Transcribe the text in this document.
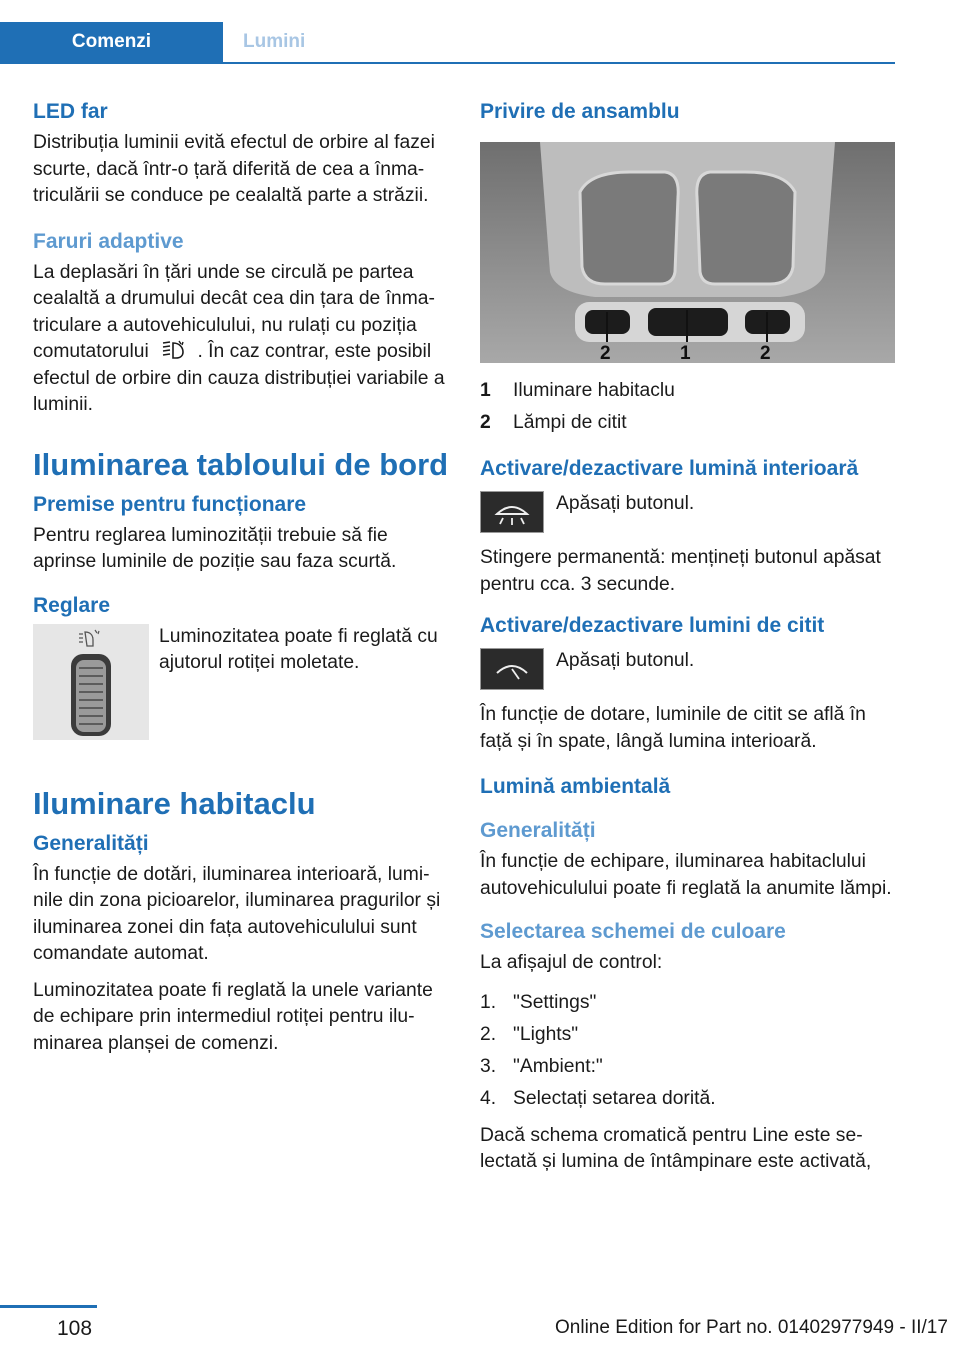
Comenzi	Lumini
LED far

Distribuția luminii evită efectul de orbire al fazei scurte, dacă într-o țară diferită de cea a înmatriculării se conduce pe cealaltă parte a străzii.

Faruri adaptive

La deplasări în țări unde se circulă pe partea cealaltă a drumului decât cea din țara de înmatriculare a autovehiculului, nu rulați cu poziția comutatorului	. În caz contrar, este posibil efectul de orbire din cauza distribuției variabile a luminii.

Iluminarea tabloului de bord
Premise pentru funcționare

Pentru reglarea luminozității trebuie să fie aprinse luminile de poziție sau faza scurtă.

Reglare

Luminozitatea poate fi reglată cu ajutorul rotiței moletate.

Iluminare habitaclu
Generalități

În funcție de dotări, iluminarea interioară, luminile din zona picioarelor, iluminarea pragurilor și iluminarea zonei din fața autovehiculului sunt comandate automat.

Luminozitatea poate fi reglată la unele variante de echipare prin intermediul rotiței pentru iluminarea planșei de comenzi.

Privire de ansamblu
2	1	2
1	Iluminare habitaclu
2	Lămpi de citit
Activare/dezactivare lumină interioară

Apăsați butonul.

Stingere permanentă: mențineți butonul apăsat pentru cca. 3 secunde.

Activare/dezactivare lumini de citit

Apăsați butonul.

În funcție de dotare, luminile de citit se află în față și în spate, lângă lumina interioară.

Lumină ambientală
Generalități

În funcție de echipare, iluminarea habitaclului autovehiculului poate fi reglată la anumite lămpi.

Selectarea schemei de culoare

La afișajul de control:

1. "Settings"
2. "Lights"
3. "Ambient:"
4. Selectați setarea dorită.

Dacă schema cromatică pentru Line este selectată și lumina de întâmpinare este activată,

108	Online Edition for Part no. 01402977949 - II/17
